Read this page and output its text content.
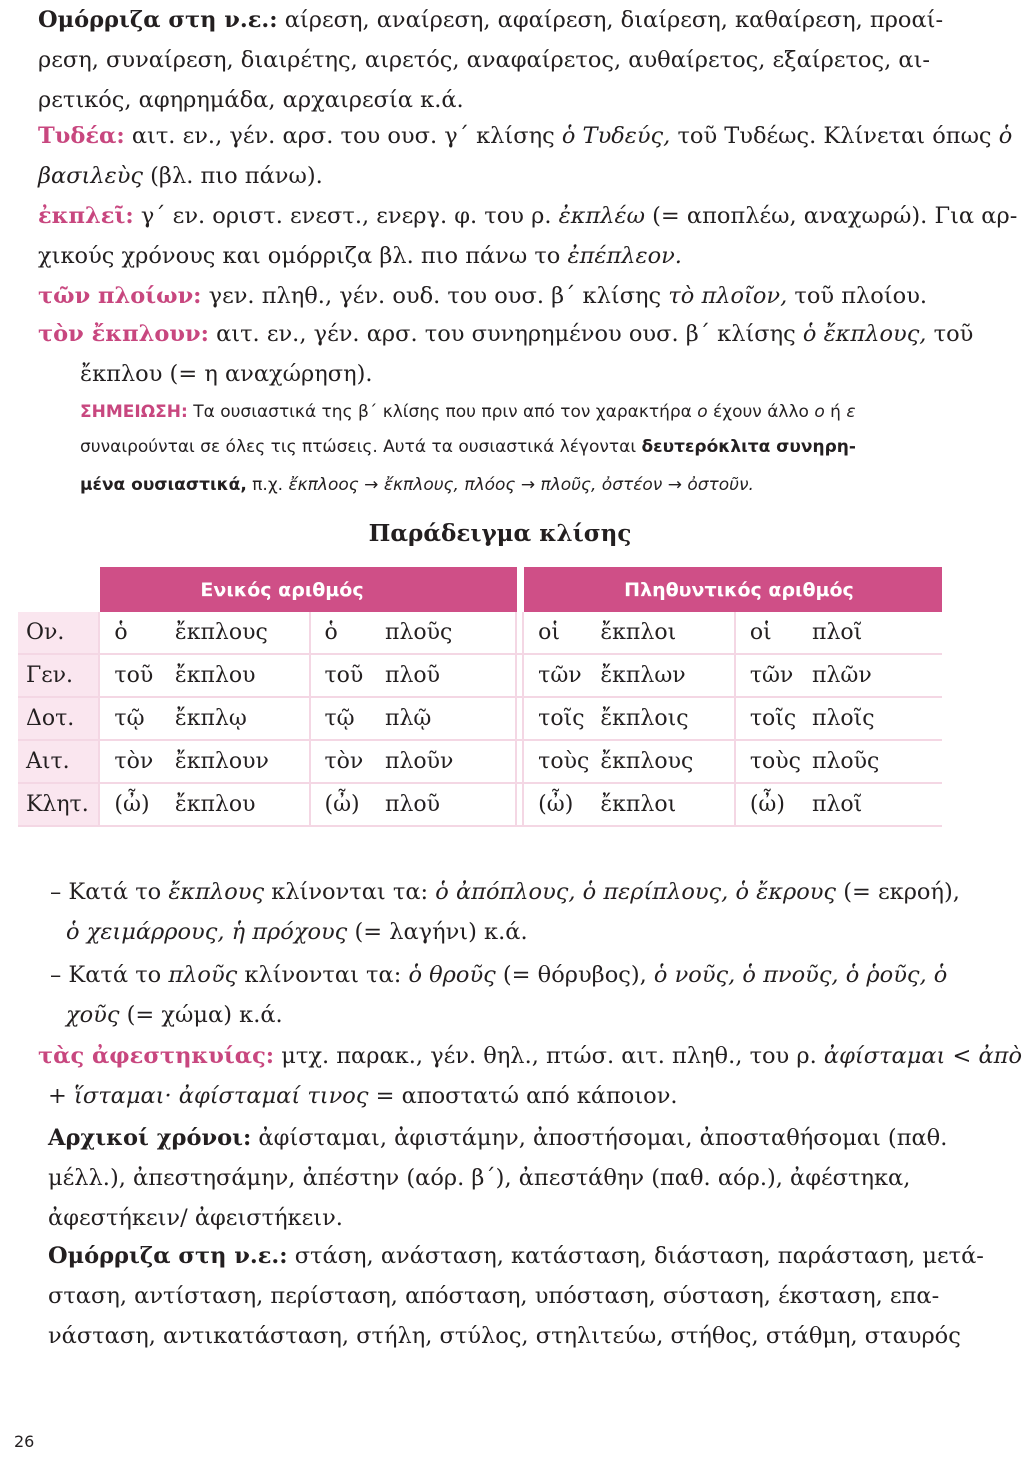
Ομόρριζα στη ν.ε.: αίρεση, αναίρεση, αφαίρεση, διαίρεση, καθαίρεση, προαί-
ρεση, συναίρεση, διαιρέτης, αιρετός, αναφαίρετος, αυθαίρετος, εξαίρετος, αι-
ρετικός, αφηρημάδα, αρχαιρεσία κ.ά.
Τυδέα: αιτ. εν., γέν. αρσ. του ουσ. γ΄ κλίσης ὁ Τυδεύς, τοῦ Τυδέως. Κλίνεται όπως ὁ
βασιλεὺς (βλ. πιο πάνω).
ἐκπλεῖ: γ΄ εν. οριστ. ενεστ., ενεργ. φ. του ρ. ἐκπλέω (= αποπλέω, αναχωρώ). Για αρ-
χικούς χρόνους και ομόρριζα βλ. πιο πάνω το ἐπέπλεον.
τῶν πλοίων: γεν. πληθ., γέν. ουδ. του ουσ. β΄ κλίσης τὸ πλοῖον, τοῦ πλοίου.
τὸν ἔκπλουν: αιτ. εν., γέν. αρσ. του συνηρημένου ουσ. β΄ κλίσης ὁ ἔκπλους, τοῦ
ἔκπλου (= η αναχώρηση).
ΣΗΜΕΙΩΣΗ: Τα ουσιαστικά της β΄ κλίσης που πριν από τον χαρακτήρα ο έχουν άλλο ο ή ε
συναιρούνται σε όλες τις πτώσεις. Αυτά τα ουσιαστικά λέγονται δευτερόκλιτα συνηρη-
μένα ουσιαστικά, π.χ. ἔκπλοος → ἔκπλους, πλόος → πλοῦς, ὀστέον → ὀστοῦν.
Παράδειγμα κλίσης
	Ενικός αριθμός					Πληθυντικός αριθμός			
Ον.	ὁ	ἔκπλους	ὁ	πλοῦς		οἱ	ἔκπλοι	οἱ	πλοῖ
Γεν.	τοῦ	ἔκπλου	τοῦ	πλοῦ		τῶν	ἔκπλων	τῶν	πλῶν
Δοτ.	τῷ	ἔκπλῳ	τῷ	πλῷ		τοῖς	ἔκπλοις	τοῖς	πλοῖς
Αιτ.	τὸν	ἔκπλουν	τὸν	πλοῦν		τοὺς	ἔκπλους	τοὺς	πλοῦς
Κλητ.	(ὦ)	ἔκπλου	(ὦ)	πλοῦ		(ὦ)	ἔκπλοι	(ὦ)	πλοῖ
– Κατά το ἔκπλους κλίνονται τα: ὁ ἀπόπλους, ὁ περίπλους, ὁ ἔκρους (= εκροή),
ὁ χειμάρρους, ἡ πρόχους (= λαγήνι) κ.ά.
– Κατά το πλοῦς κλίνονται τα: ὁ θροῦς (= θόρυβος), ὁ νοῦς, ὁ πνοῦς, ὁ ῥοῦς, ὁ
χοῦς (= χώμα) κ.ά.
τὰς ἀφεστηκυίας: μτχ. παρακ., γέν. θηλ., πτώσ. αιτ. πληθ., του ρ. ἀφίσταμαι < ἀπὸ
+ ἵσταμαι· ἀφίσταμαί τινος = αποστατώ από κάποιον.
Αρχικοί χρόνοι: ἀφίσταμαι, ἀφιστάμην, ἀποστήσομαι, ἀποσταθήσομαι (παθ.
μέλλ.), ἀπεστησάμην, ἀπέστην (αόρ. β΄), ἀπεστάθην (παθ. αόρ.), ἀφέστηκα,
ἀφεστήκειν/ ἀφειστήκειν.
Ομόρριζα στη ν.ε.: στάση, ανάσταση, κατάσταση, διάσταση, παράσταση, μετά-
σταση, αντίσταση, περίσταση, απόσταση, υπόσταση, σύσταση, έκσταση, επα-
νάσταση, αντικατάσταση, στήλη, στύλος, στηλιτεύω, στήθος, στάθμη, σταυρός
26
